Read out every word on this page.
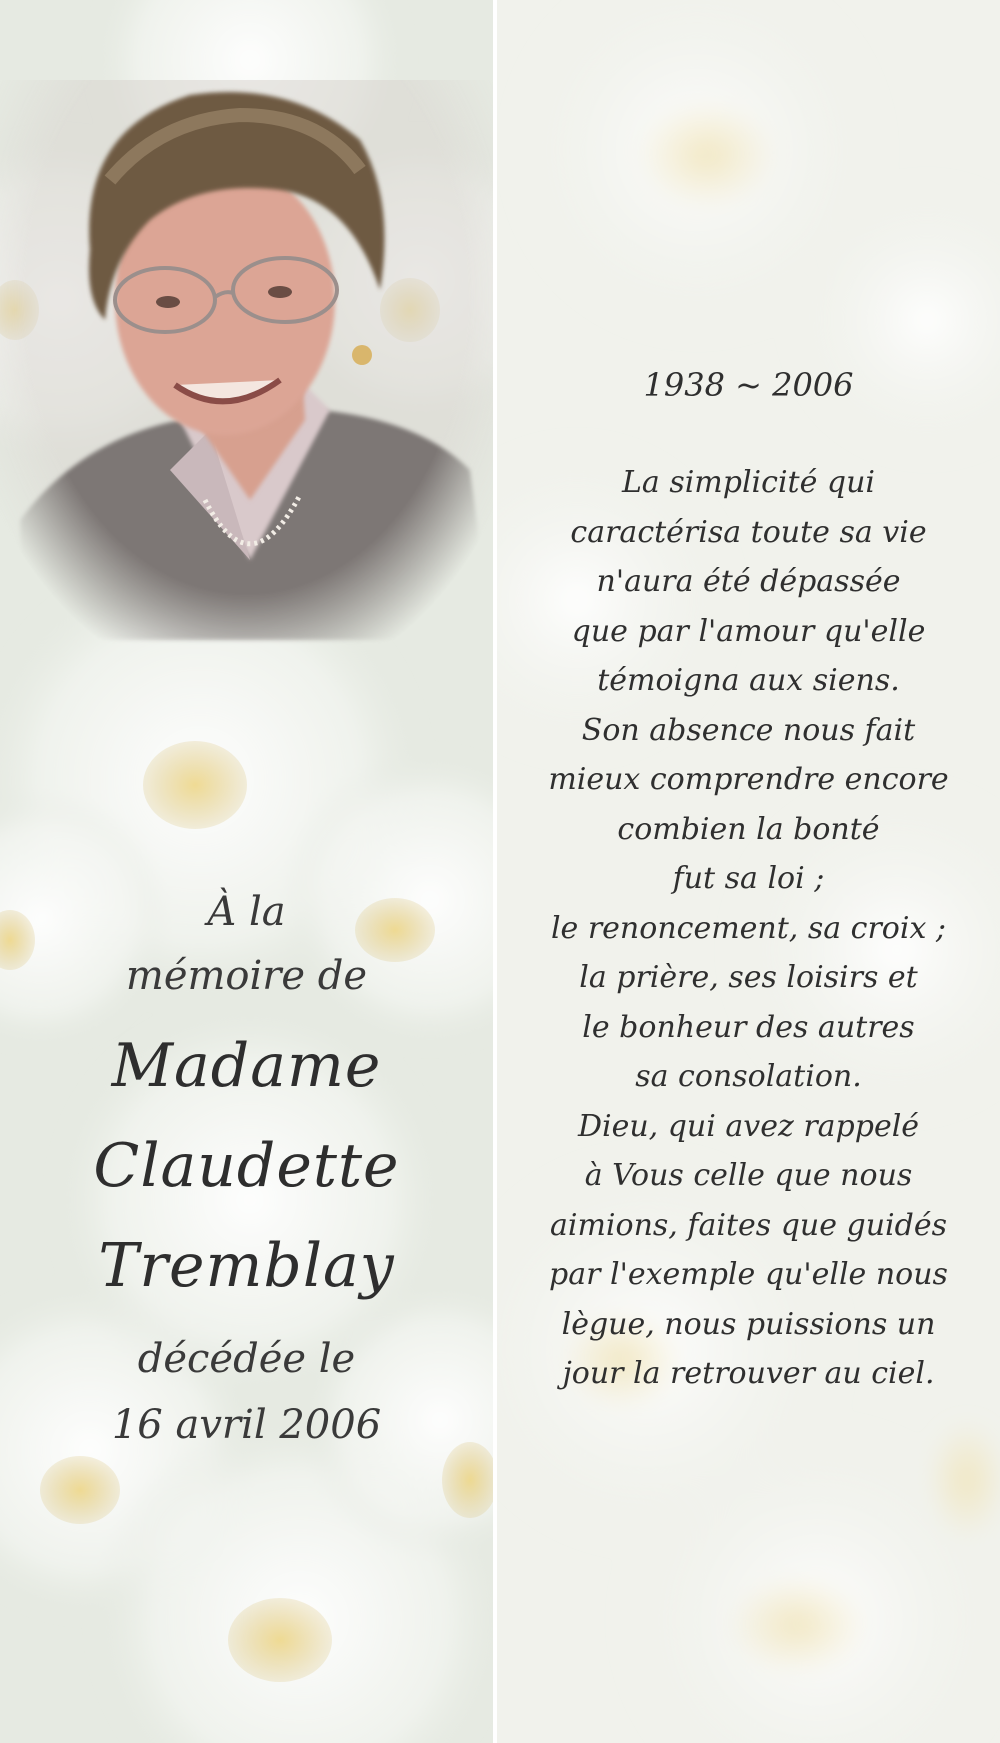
À la
mémoire de
Madame
Claudette
Tremblay
décédée le
16 avril 2006
1938 ~ 2006
La simplicité qui
caractérisa toute sa vie
n'aura été dépassée
que par l'amour qu'elle
témoigna aux siens.
Son absence nous fait
mieux comprendre encore
combien la bonté
fut sa loi ;
le renoncement, sa croix ;
la prière, ses loisirs et
le bonheur des autres
sa consolation.
Dieu, qui avez rappelé
à Vous celle que nous
aimions, faites que guidés
par l'exemple qu'elle nous
lègue, nous puissions un
jour la retrouver au ciel.
